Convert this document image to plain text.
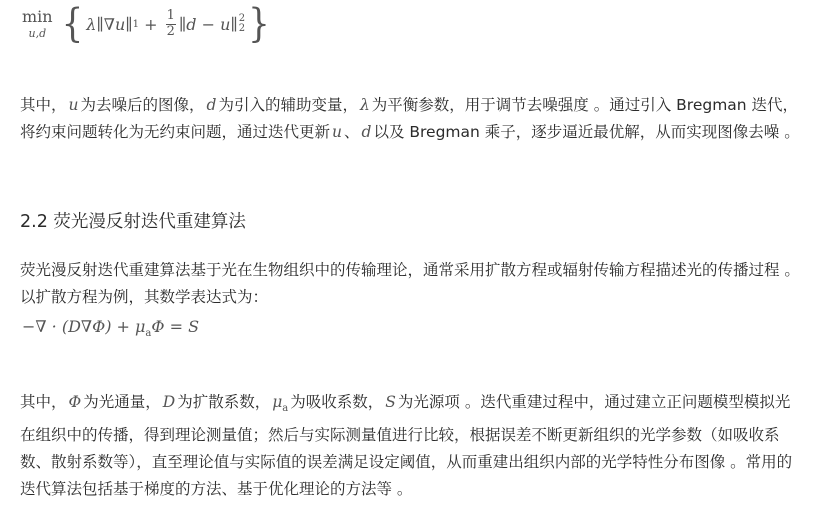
min
u,d { λ ∥ ∇u ∥ $1 + \frac{1}{2}$ ∥ d − u ∥ 2
2 }

其中， u 为去噪后的图像， d 为引入的辅助变量， λ 为平衡参数，用于调节去噪强度 。通过引入 Bregman 迭代，将约束问题转化为无约束问题，通过迭代更新 u 、 d 以及 Bregman 乘子，逐步逼近最优解，从而实现图像去噪 。

2.2 荧光漫反射迭代重建算法

荧光漫反射迭代重建算法基于光在生物组织中的传输理论，通常采用扩散方程或辐射传输方程描述光的传播过程 。以扩散方程为例，其数学表达式为：

−∇ · $(D\nabla\Phi) + \mu_a\Phi = S$

其中， Φ 为光通量， D 为扩散系数， $\mu_a$ 为吸收系数， S 为光源项 。迭代重建过程中，通过建立正问题模型模拟光在组织中的传播，得到理论测量值；然后与实际测量值进行比较，根据误差不断更新组织的光学参数（如吸收系数、散射系数等），直至理论值与实际值的误差满足设定阈值，从而重建出组织内部的光学特性分布图像 。常用的迭代算法包括基于梯度的方法、基于优化理论的方法等 。
